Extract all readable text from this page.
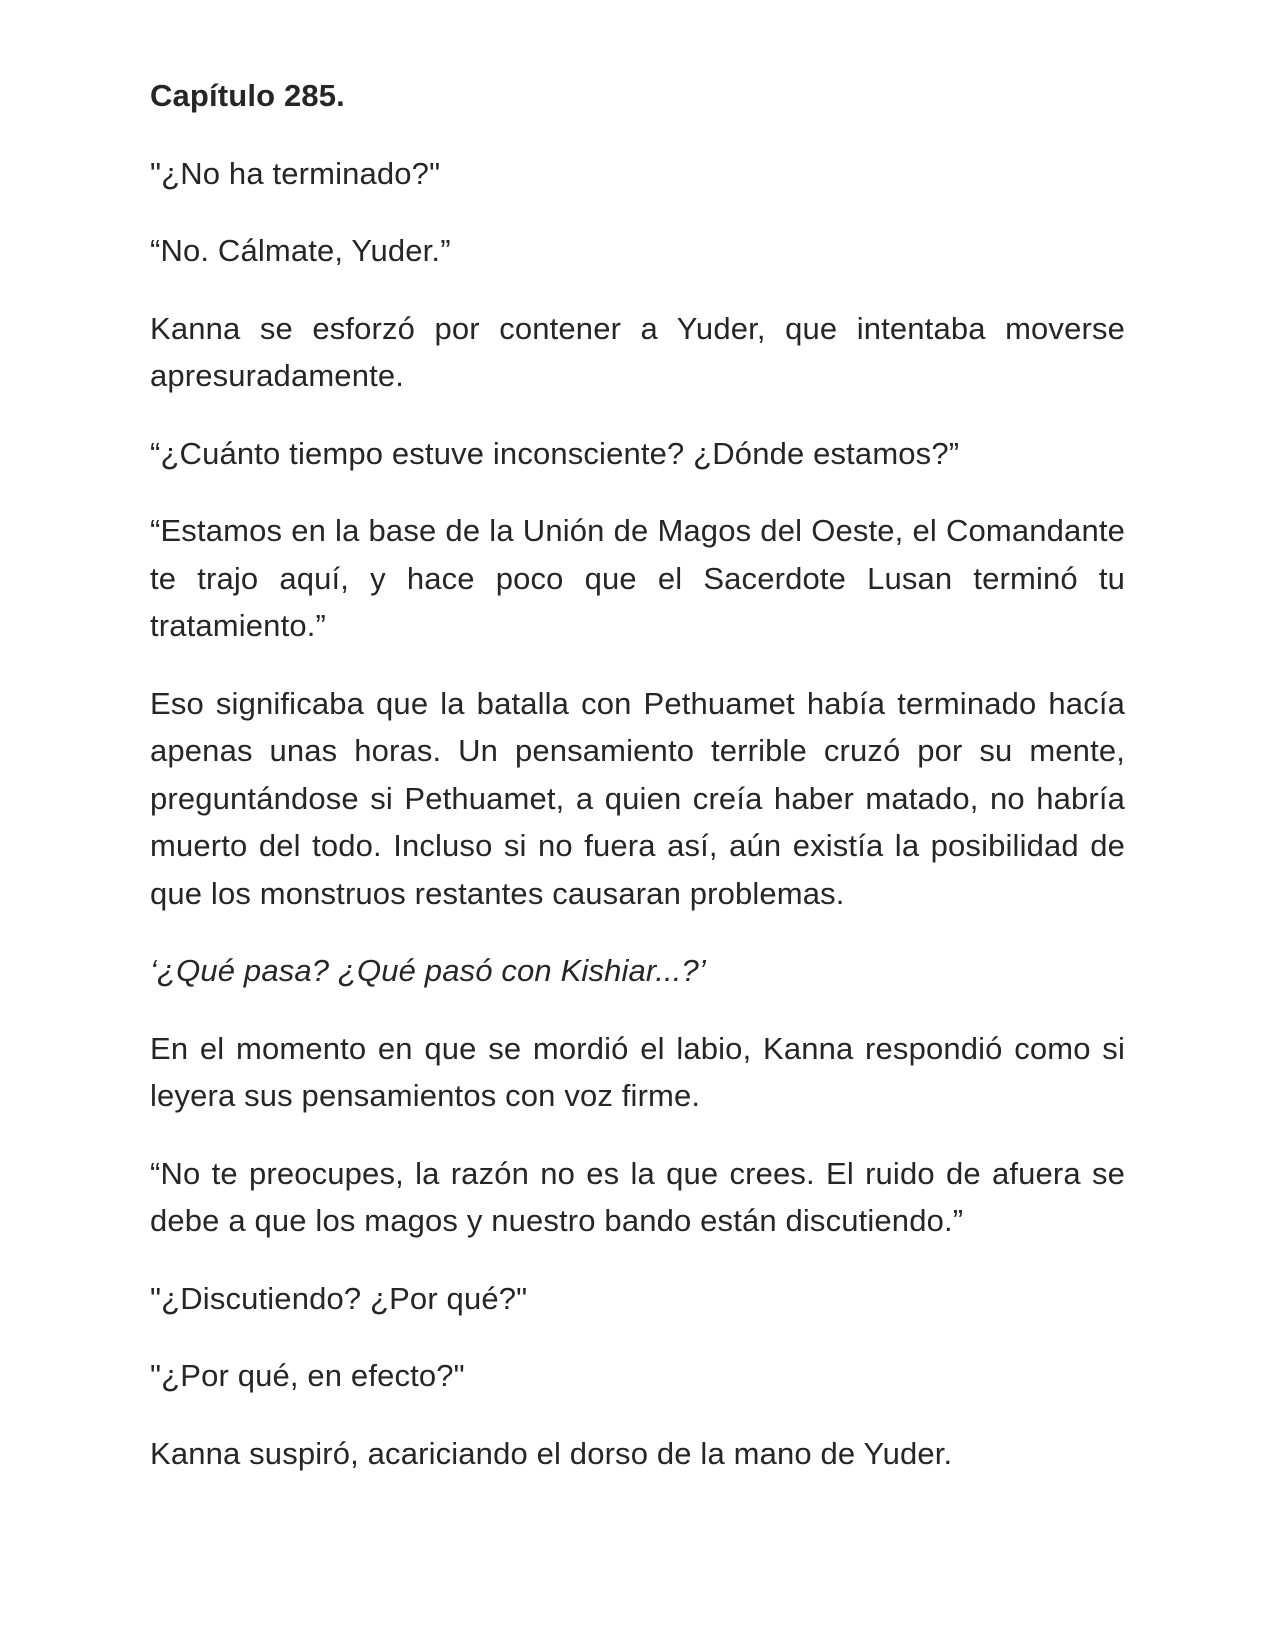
Capítulo 285.

"¿No ha terminado?"

“No. Cálmate, Yuder.”

Kanna se esforzó por contener a Yuder, que intentaba moverse apresuradamente.

“¿Cuánto tiempo estuve inconsciente? ¿Dónde estamos?”

“Estamos en la base de la Unión de Magos del Oeste, el Comandante te trajo aquí, y hace poco que el Sacerdote Lusan terminó tu tratamiento.”

Eso significaba que la batalla con Pethuamet había terminado hacía apenas unas horas. Un pensamiento terrible cruzó por su mente, preguntándose si Pethuamet, a quien creía haber matado, no habría muerto del todo. Incluso si no fuera así, aún existía la posibilidad de que los monstruos restantes causaran problemas.

‘¿Qué pasa? ¿Qué pasó con Kishiar...?’

En el momento en que se mordió el labio, Kanna respondió como si leyera sus pensamientos con voz firme.

“No te preocupes, la razón no es la que crees. El ruido de afuera se debe a que los magos y nuestro bando están discutiendo.”

"¿Discutiendo? ¿Por qué?"

"¿Por qué, en efecto?"

Kanna suspiró, acariciando el dorso de la mano de Yuder.
